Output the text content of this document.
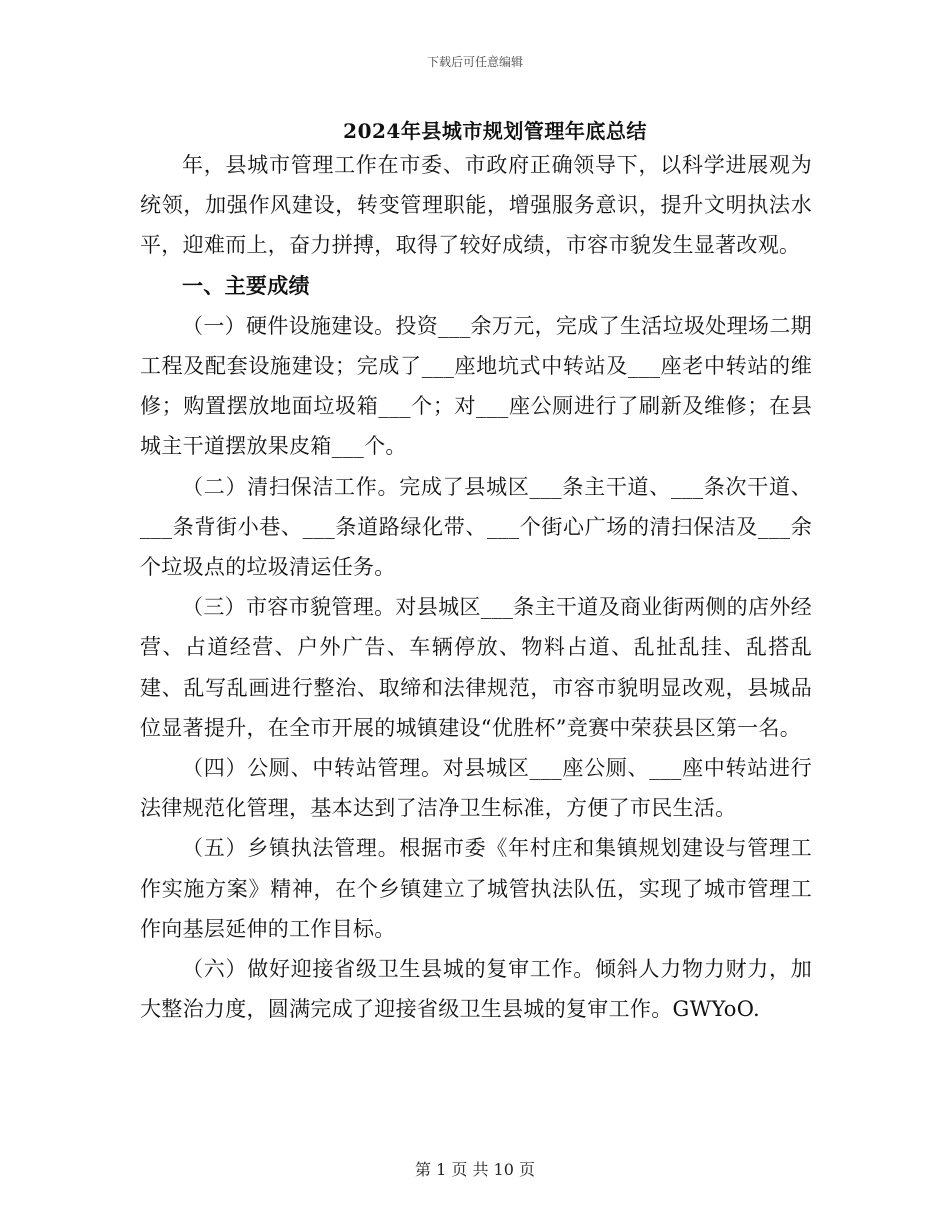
下载后可任意编辑
2024年县城市规划管理年底总结

年，县城市管理工作在市委、市政府正确领导下，以科学进展观为统领，加强作风建设，转变管理职能，增强服务意识，提升文明执法水平，迎难而上，奋力拼搏，取得了较好成绩，市容市貌发生显著改观。

一、主要成绩

（一）硬件设施建设。投资___余万元，完成了生活垃圾处理场二期工程及配套设施建设；完成了___座地坑式中转站及___座老中转站的维修；购置摆放地面垃圾箱___个；对___座公厕进行了刷新及维修；在县城主干道摆放果皮箱___个。

（二）清扫保洁工作。完成了县城区___条主干道、___条次干道、___条背街小巷、___条道路绿化带、___个街心广场的清扫保洁及___余个垃圾点的垃圾清运任务。

（三）市容市貌管理。对县城区___条主干道及商业街两侧的店外经营、占道经营、户外广告、车辆停放、物料占道、乱扯乱挂、乱搭乱建、乱写乱画进行整治、取缔和法律规范，市容市貌明显改观，县城品位显著提升，在全市开展的城镇建设“优胜杯”竞赛中荣获县区第一名。

（四）公厕、中转站管理。对县城区___座公厕、___座中转站进行法律规范化管理，基本达到了洁净卫生标准，方便了市民生活。

（五）乡镇执法管理。根据市委《年村庄和集镇规划建设与管理工作实施方案》精神，在个乡镇建立了城管执法队伍，实现了城市管理工作向基层延伸的工作目标。

（六）做好迎接省级卫生县城的复审工作。倾斜人力物力财力，加大整治力度，圆满完成了迎接省级卫生县城的复审工作。GWYoO.

第 1 页 共 10 页
